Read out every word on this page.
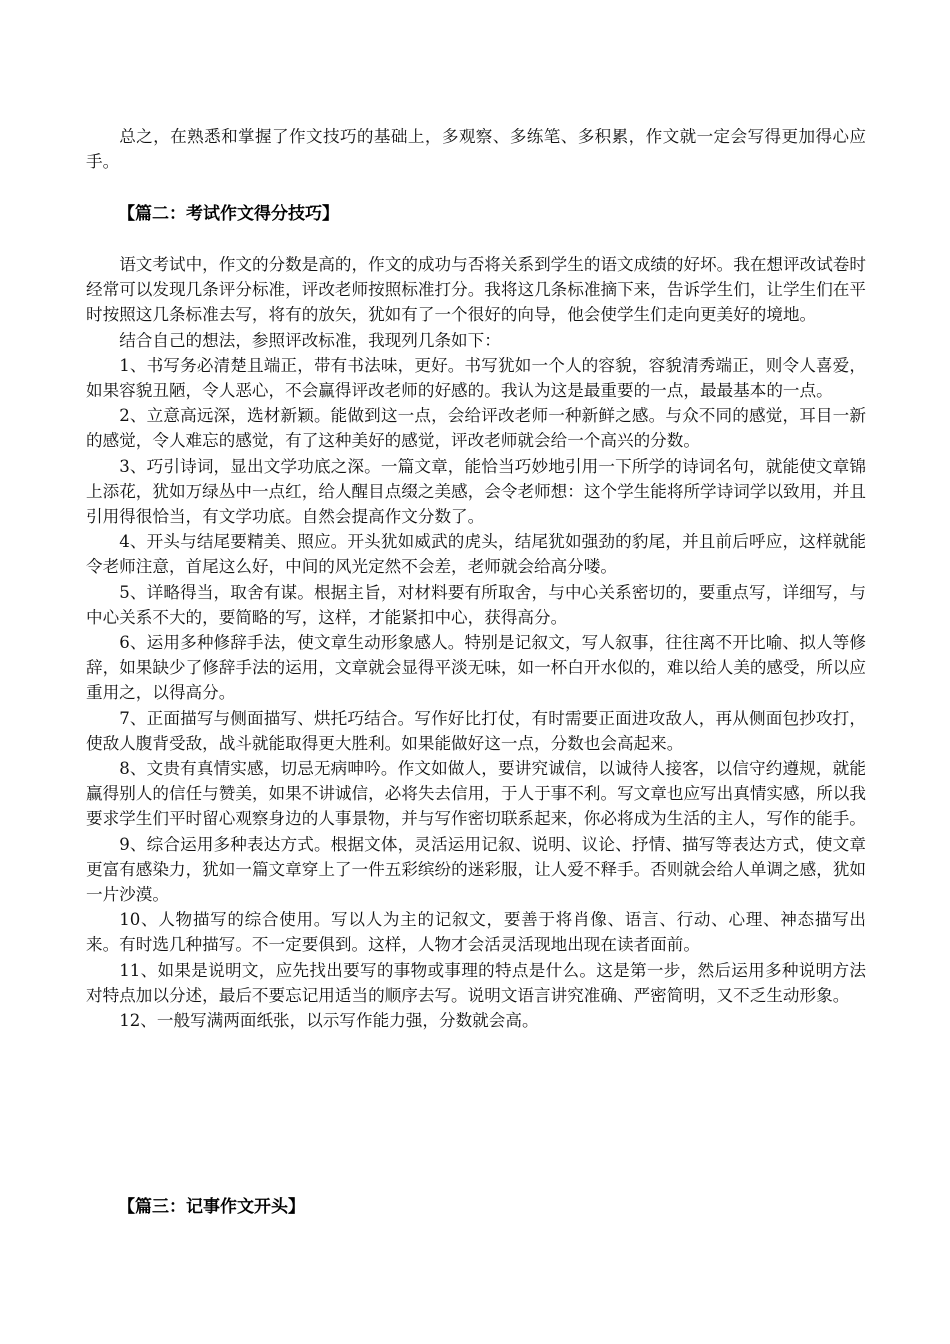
总之，在熟悉和掌握了作文技巧的基础上，多观察、多练笔、多积累，作文就一定会写得更加得心应手。

【篇二：考试作文得分技巧】

语文考试中，作文的分数是高的，作文的成功与否将关系到学生的语文成绩的好坏。我在想评改试卷时经常可以发现几条评分标准，评改老师按照标准打分。我将这几条标准摘下来，告诉学生们，让学生们在平时按照这几条标准去写，将有的放矢，犹如有了一个很好的向导，他会使学生们走向更美好的境地。

结合自己的想法，参照评改标准，我现列几条如下：

1、书写务必清楚且端正，带有书法味，更好。书写犹如一个人的容貌，容貌清秀端正，则令人喜爱，如果容貌丑陋，令人恶心，不会赢得评改老师的好感的。我认为这是最重要的一点，最最基本的一点。

2、立意高远深，选材新颖。能做到这一点，会给评改老师一种新鲜之感。与众不同的感觉，耳目一新的感觉，令人难忘的感觉，有了这种美好的感觉，评改老师就会给一个高兴的分数。

3、巧引诗词，显出文学功底之深。一篇文章，能恰当巧妙地引用一下所学的诗词名句，就能使文章锦上添花，犹如万绿丛中一点红，给人醒目点缀之美感，会令老师想：这个学生能将所学诗词学以致用，并且引用得很恰当，有文学功底。自然会提高作文分数了。

4、开头与结尾要精美、照应。开头犹如威武的虎头，结尾犹如强劲的豹尾，并且前后呼应，这样就能令老师注意，首尾这么好，中间的风光定然不会差，老师就会给高分喽。

5、详略得当，取舍有谋。根据主旨，对材料要有所取舍，与中心关系密切的，要重点写，详细写，与中心关系不大的，要简略的写，这样，才能紧扣中心，获得高分。

6、运用多种修辞手法，使文章生动形象感人。特别是记叙文，写人叙事，往往离不开比喻、拟人等修辞，如果缺少了修辞手法的运用，文章就会显得平淡无味，如一杯白开水似的，难以给人美的感受，所以应重用之，以得高分。

7、正面描写与侧面描写、烘托巧结合。写作好比打仗，有时需要正面进攻敌人，再从侧面包抄攻打，使敌人腹背受敌，战斗就能取得更大胜利。如果能做好这一点，分数也会高起来。

8、文贵有真情实感，切忌无病呻吟。作文如做人，要讲究诚信，以诚待人接客，以信守约遵规，就能赢得别人的信任与赞美，如果不讲诚信，必将失去信用，于人于事不利。写文章也应写出真情实感，所以我要求学生们平时留心观察身边的人事景物，并与写作密切联系起来，你必将成为生活的主人，写作的能手。

9、综合运用多种表达方式。根据文体，灵活运用记叙、说明、议论、抒情、描写等表达方式，使文章更富有感染力，犹如一篇文章穿上了一件五彩缤纷的迷彩服，让人爱不释手。否则就会给人单调之感，犹如一片沙漠。

10、人物描写的综合使用。写以人为主的记叙文，要善于将肖像、语言、行动、心理、神态描写出来。有时选几种描写。不一定要俱到。这样，人物才会活灵活现地出现在读者面前。

11、如果是说明文，应先找出要写的事物或事理的特点是什么。这是第一步，然后运用多种说明方法对特点加以分述，最后不要忘记用适当的顺序去写。说明文语言讲究准确、严密简明，又不乏生动形象。

12、一般写满两面纸张，以示写作能力强，分数就会高。

【篇三：记事作文开头】
